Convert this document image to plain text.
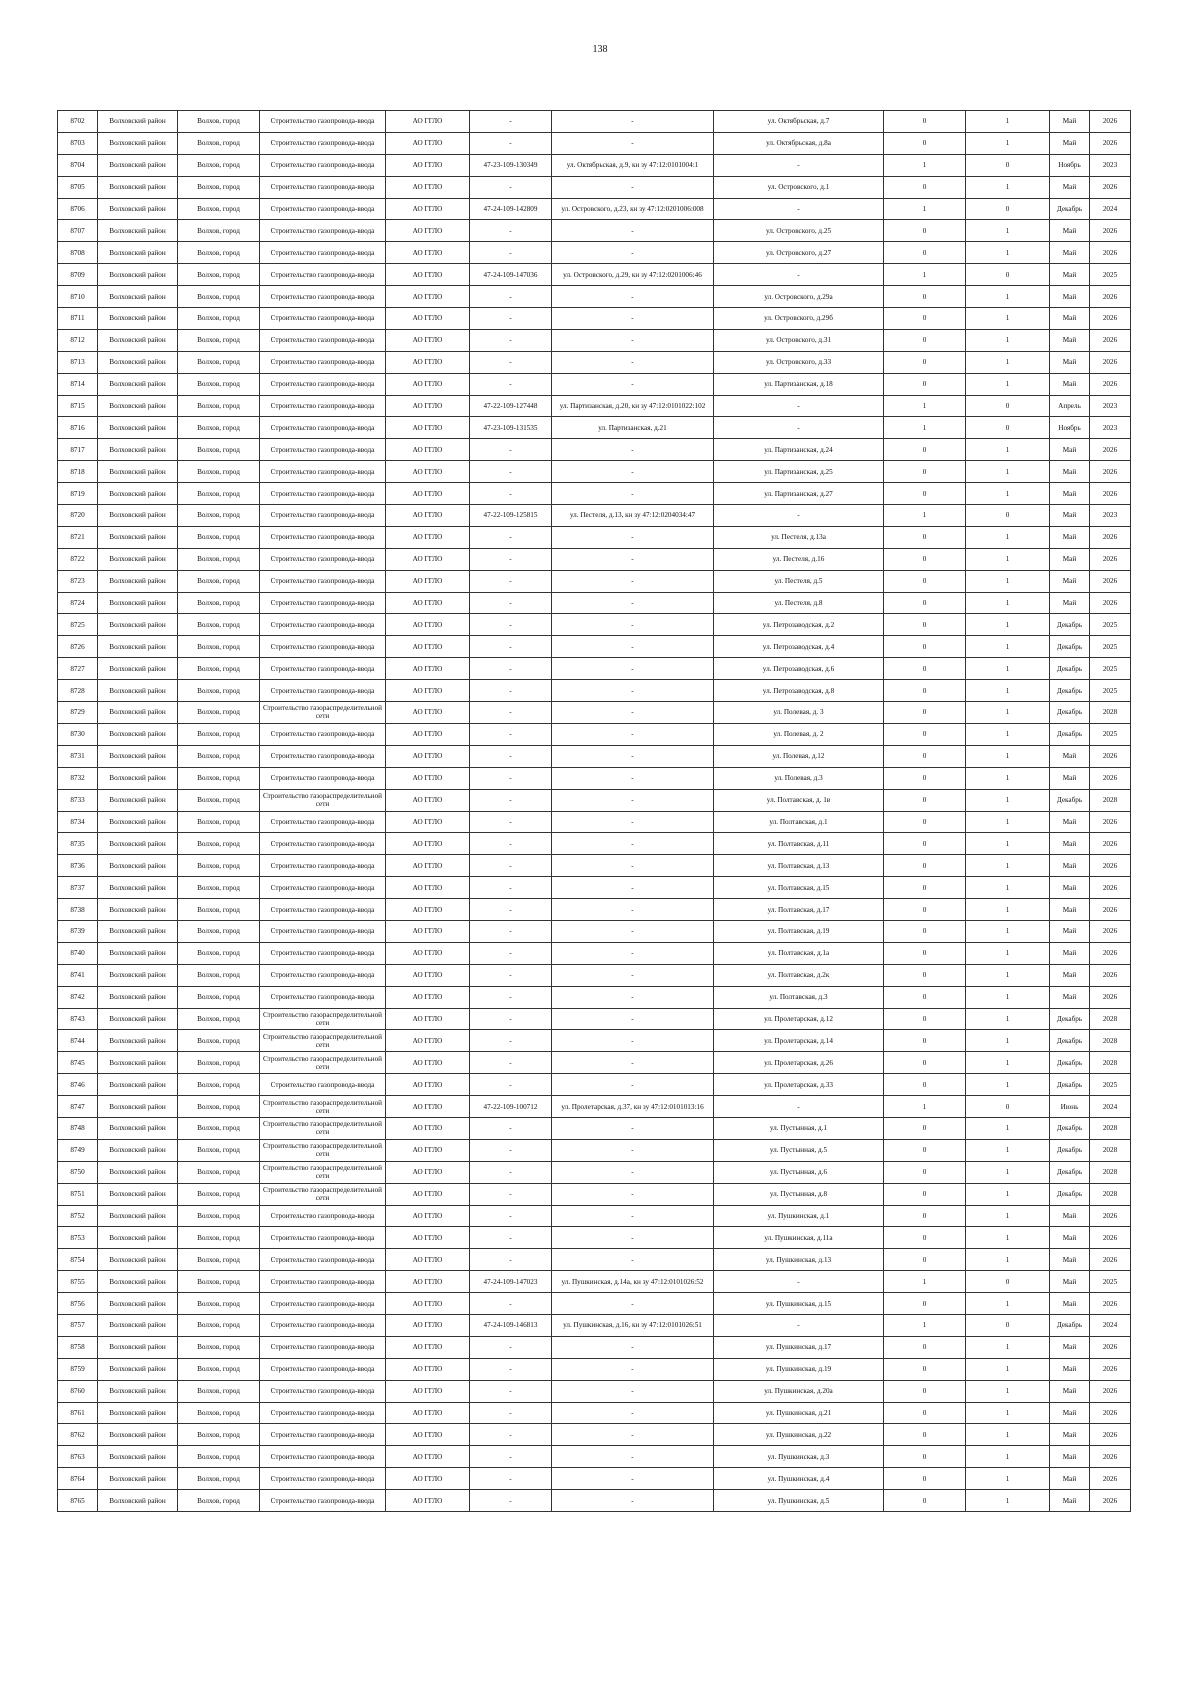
138
8702	Волховский район	Волхов, город	Строительство газопровода-ввода	АО ГГЛО	-	-	ул. Октябрьская, д.7	0	1	Май	2026
8703	Волховский район	Волхов, город	Строительство газопровода-ввода	АО ГГЛО	-	-	ул. Октябрьская, д.8а	0	1	Май	2026
8704	Волховский район	Волхов, город	Строительство газопровода-ввода	АО ГГЛО	47-23-109-130349	ул. Октябрьская, д.9, кн зу 47:12:0101004:1	-	1	0	Ноябрь	2023
8705	Волховский район	Волхов, город	Строительство газопровода-ввода	АО ГГЛО	-	-	ул. Островского, д.1	0	1	Май	2026
8706	Волховский район	Волхов, город	Строительство газопровода-ввода	АО ГГЛО	47-24-109-142809	ул. Островского, д.23, кн зу 47:12:0201006:008	-	1	0	Декабрь	2024
8707	Волховский район	Волхов, город	Строительство газопровода-ввода	АО ГГЛО	-	-	ул. Островского, д.25	0	1	Май	2026
8708	Волховский район	Волхов, город	Строительство газопровода-ввода	АО ГГЛО	-	-	ул. Островского, д.27	0	1	Май	2026
8709	Волховский район	Волхов, город	Строительство газопровода-ввода	АО ГГЛО	47-24-109-147036	ул. Островского, д.29, кн зу 47:12:0201006:46	-	1	0	Май	2025
8710	Волховский район	Волхов, город	Строительство газопровода-ввода	АО ГГЛО	-	-	ул. Островского, д.29а	0	1	Май	2026
8711	Волховский район	Волхов, город	Строительство газопровода-ввода	АО ГГЛО	-	-	ул. Островского, д.29б	0	1	Май	2026
8712	Волховский район	Волхов, город	Строительство газопровода-ввода	АО ГГЛО	-	-	ул. Островского, д.31	0	1	Май	2026
8713	Волховский район	Волхов, город	Строительство газопровода-ввода	АО ГГЛО	-	-	ул. Островского, д.33	0	1	Май	2026
8714	Волховский район	Волхов, город	Строительство газопровода-ввода	АО ГГЛО	-	-	ул. Партизанская, д.18	0	1	Май	2026
8715	Волховский район	Волхов, город	Строительство газопровода-ввода	АО ГГЛО	47-22-109-127448	ул. Партизанская, д.20, кн зу 47:12:0101022:102	-	1	0	Апрель	2023
8716	Волховский район	Волхов, город	Строительство газопровода-ввода	АО ГГЛО	47-23-109-131535	ул. Партизанская, д.21	-	1	0	Ноябрь	2023
8717	Волховский район	Волхов, город	Строительство газопровода-ввода	АО ГГЛО	-	-	ул. Партизанская, д.24	0	1	Май	2026
8718	Волховский район	Волхов, город	Строительство газопровода-ввода	АО ГГЛО	-	-	ул. Партизанская, д.25	0	1	Май	2026
8719	Волховский район	Волхов, город	Строительство газопровода-ввода	АО ГГЛО	-	-	ул. Партизанская, д.27	0	1	Май	2026
8720	Волховский район	Волхов, город	Строительство газопровода-ввода	АО ГГЛО	47-22-109-125815	ул. Пестеля, д.13, кн зу 47:12:0204034:47	-	1	0	Май	2023
8721	Волховский район	Волхов, город	Строительство газопровода-ввода	АО ГГЛО	-	-	ул. Пестеля, д.13а	0	1	Май	2026
8722	Волховский район	Волхов, город	Строительство газопровода-ввода	АО ГГЛО	-	-	ул. Пестеля, д.16	0	1	Май	2026
8723	Волховский район	Волхов, город	Строительство газопровода-ввода	АО ГГЛО	-	-	ул. Пестеля, д.5	0	1	Май	2026
8724	Волховский район	Волхов, город	Строительство газопровода-ввода	АО ГГЛО	-	-	ул. Пестеля, д.8	0	1	Май	2026
8725	Волховский район	Волхов, город	Строительство газопровода-ввода	АО ГГЛО	-	-	ул. Петрозаводская, д.2	0	1	Декабрь	2025
8726	Волховский район	Волхов, город	Строительство газопровода-ввода	АО ГГЛО	-	-	ул. Петрозаводская, д.4	0	1	Декабрь	2025
8727	Волховский район	Волхов, город	Строительство газопровода-ввода	АО ГГЛО	-	-	ул. Петрозаводская, д.6	0	1	Декабрь	2025
8728	Волховский район	Волхов, город	Строительство газопровода-ввода	АО ГГЛО	-	-	ул. Петрозаводская, д.8	0	1	Декабрь	2025
8729	Волховский район	Волхов, город	Строительство газораспределительной сети	АО ГГЛО	-	-	ул. Полевая, д. 3	0	1	Декабрь	2028
8730	Волховский район	Волхов, город	Строительство газопровода-ввода	АО ГГЛО	-	-	ул. Полевая, д. 2	0	1	Декабрь	2025
8731	Волховский район	Волхов, город	Строительство газопровода-ввода	АО ГГЛО	-	-	ул. Полевая, д.12	0	1	Май	2026
8732	Волховский район	Волхов, город	Строительство газопровода-ввода	АО ГГЛО	-	-	ул. Полевая, д.3	0	1	Май	2026
8733	Волховский район	Волхов, город	Строительство газораспределительной сети	АО ГГЛО	-	-	ул. Полтавская, д. 1в	0	1	Декабрь	2028
8734	Волховский район	Волхов, город	Строительство газопровода-ввода	АО ГГЛО	-	-	ул. Полтавская, д.1	0	1	Май	2026
8735	Волховский район	Волхов, город	Строительство газопровода-ввода	АО ГГЛО	-	-	ул. Полтавская, д.11	0	1	Май	2026
8736	Волховский район	Волхов, город	Строительство газопровода-ввода	АО ГГЛО	-	-	ул. Полтавская, д.13	0	1	Май	2026
8737	Волховский район	Волхов, город	Строительство газопровода-ввода	АО ГГЛО	-	-	ул. Полтавская, д.15	0	1	Май	2026
8738	Волховский район	Волхов, город	Строительство газопровода-ввода	АО ГГЛО	-	-	ул. Полтавская, д.17	0	1	Май	2026
8739	Волховский район	Волхов, город	Строительство газопровода-ввода	АО ГГЛО	-	-	ул. Полтавская, д.19	0	1	Май	2026
8740	Волховский район	Волхов, город	Строительство газопровода-ввода	АО ГГЛО	-	-	ул. Полтавская, д.1а	0	1	Май	2026
8741	Волховский район	Волхов, город	Строительство газопровода-ввода	АО ГГЛО	-	-	ул. Полтавская, д.2к	0	1	Май	2026
8742	Волховский район	Волхов, город	Строительство газопровода-ввода	АО ГГЛО	-	-	ул. Полтавская, д.3	0	1	Май	2026
8743	Волховский район	Волхов, город	Строительство газораспределительной сети	АО ГГЛО	-	-	ул. Пролетарская, д.12	0	1	Декабрь	2028
8744	Волховский район	Волхов, город	Строительство газораспределительной сети	АО ГГЛО	-	-	ул. Пролетарская, д.14	0	1	Декабрь	2028
8745	Волховский район	Волхов, город	Строительство газораспределительной сети	АО ГГЛО	-	-	ул. Пролетарская, д.26	0	1	Декабрь	2028
8746	Волховский район	Волхов, город	Строительство газопровода-ввода	АО ГГЛО	-	-	ул. Пролетарская, д.33	0	1	Декабрь	2025
8747	Волховский район	Волхов, город	Строительство газораспределительной сети	АО ГГЛО	47-22-109-100712	ул. Пролетарская, д.37, кн зу 47:12:0101013:16	-	1	0	Июнь	2024
8748	Волховский район	Волхов, город	Строительство газораспределительной сети	АО ГГЛО	-	-	ул. Пустынная, д.1	0	1	Декабрь	2028
8749	Волховский район	Волхов, город	Строительство газораспределительной сети	АО ГГЛО	-	-	ул. Пустынная, д.5	0	1	Декабрь	2028
8750	Волховский район	Волхов, город	Строительство газораспределительной сети	АО ГГЛО	-	-	ул. Пустынная, д.6	0	1	Декабрь	2028
8751	Волховский район	Волхов, город	Строительство газораспределительной сети	АО ГГЛО	-	-	ул. Пустынная, д.8	0	1	Декабрь	2028
8752	Волховский район	Волхов, город	Строительство газопровода-ввода	АО ГГЛО	-	-	ул. Пушкинская, д.1	0	1	Май	2026
8753	Волховский район	Волхов, город	Строительство газопровода-ввода	АО ГГЛО	-	-	ул. Пушкинская, д.11а	0	1	Май	2026
8754	Волховский район	Волхов, город	Строительство газопровода-ввода	АО ГГЛО	-	-	ул. Пушкинская, д.13	0	1	Май	2026
8755	Волховский район	Волхов, город	Строительство газопровода-ввода	АО ГГЛО	47-24-109-147023	ул. Пушкинская, д.14а, кн зу 47:12:0101026:52	-	1	0	Май	2025
8756	Волховский район	Волхов, город	Строительство газопровода-ввода	АО ГГЛО	-	-	ул. Пушкинская, д.15	0	1	Май	2026
8757	Волховский район	Волхов, город	Строительство газопровода-ввода	АО ГГЛО	47-24-109-146813	ул. Пушкинская, д.16, кн зу 47:12:0101026:51	-	1	0	Декабрь	2024
8758	Волховский район	Волхов, город	Строительство газопровода-ввода	АО ГГЛО	-	-	ул. Пушкинская, д.17	0	1	Май	2026
8759	Волховский район	Волхов, город	Строительство газопровода-ввода	АО ГГЛО	-	-	ул. Пушкинская, д.19	0	1	Май	2026
8760	Волховский район	Волхов, город	Строительство газопровода-ввода	АО ГГЛО	-	-	ул. Пушкинская, д.20а	0	1	Май	2026
8761	Волховский район	Волхов, город	Строительство газопровода-ввода	АО ГГЛО	-	-	ул. Пушкинская, д.21	0	1	Май	2026
8762	Волховский район	Волхов, город	Строительство газопровода-ввода	АО ГГЛО	-	-	ул. Пушкинская, д.22	0	1	Май	2026
8763	Волховский район	Волхов, город	Строительство газопровода-ввода	АО ГГЛО	-	-	ул. Пушкинская, д.3	0	1	Май	2026
8764	Волховский район	Волхов, город	Строительство газопровода-ввода	АО ГГЛО	-	-	ул. Пушкинская, д.4	0	1	Май	2026
8765	Волховский район	Волхов, город	Строительство газопровода-ввода	АО ГГЛО	-	-	ул. Пушкинская, д.5	0	1	Май	2026
